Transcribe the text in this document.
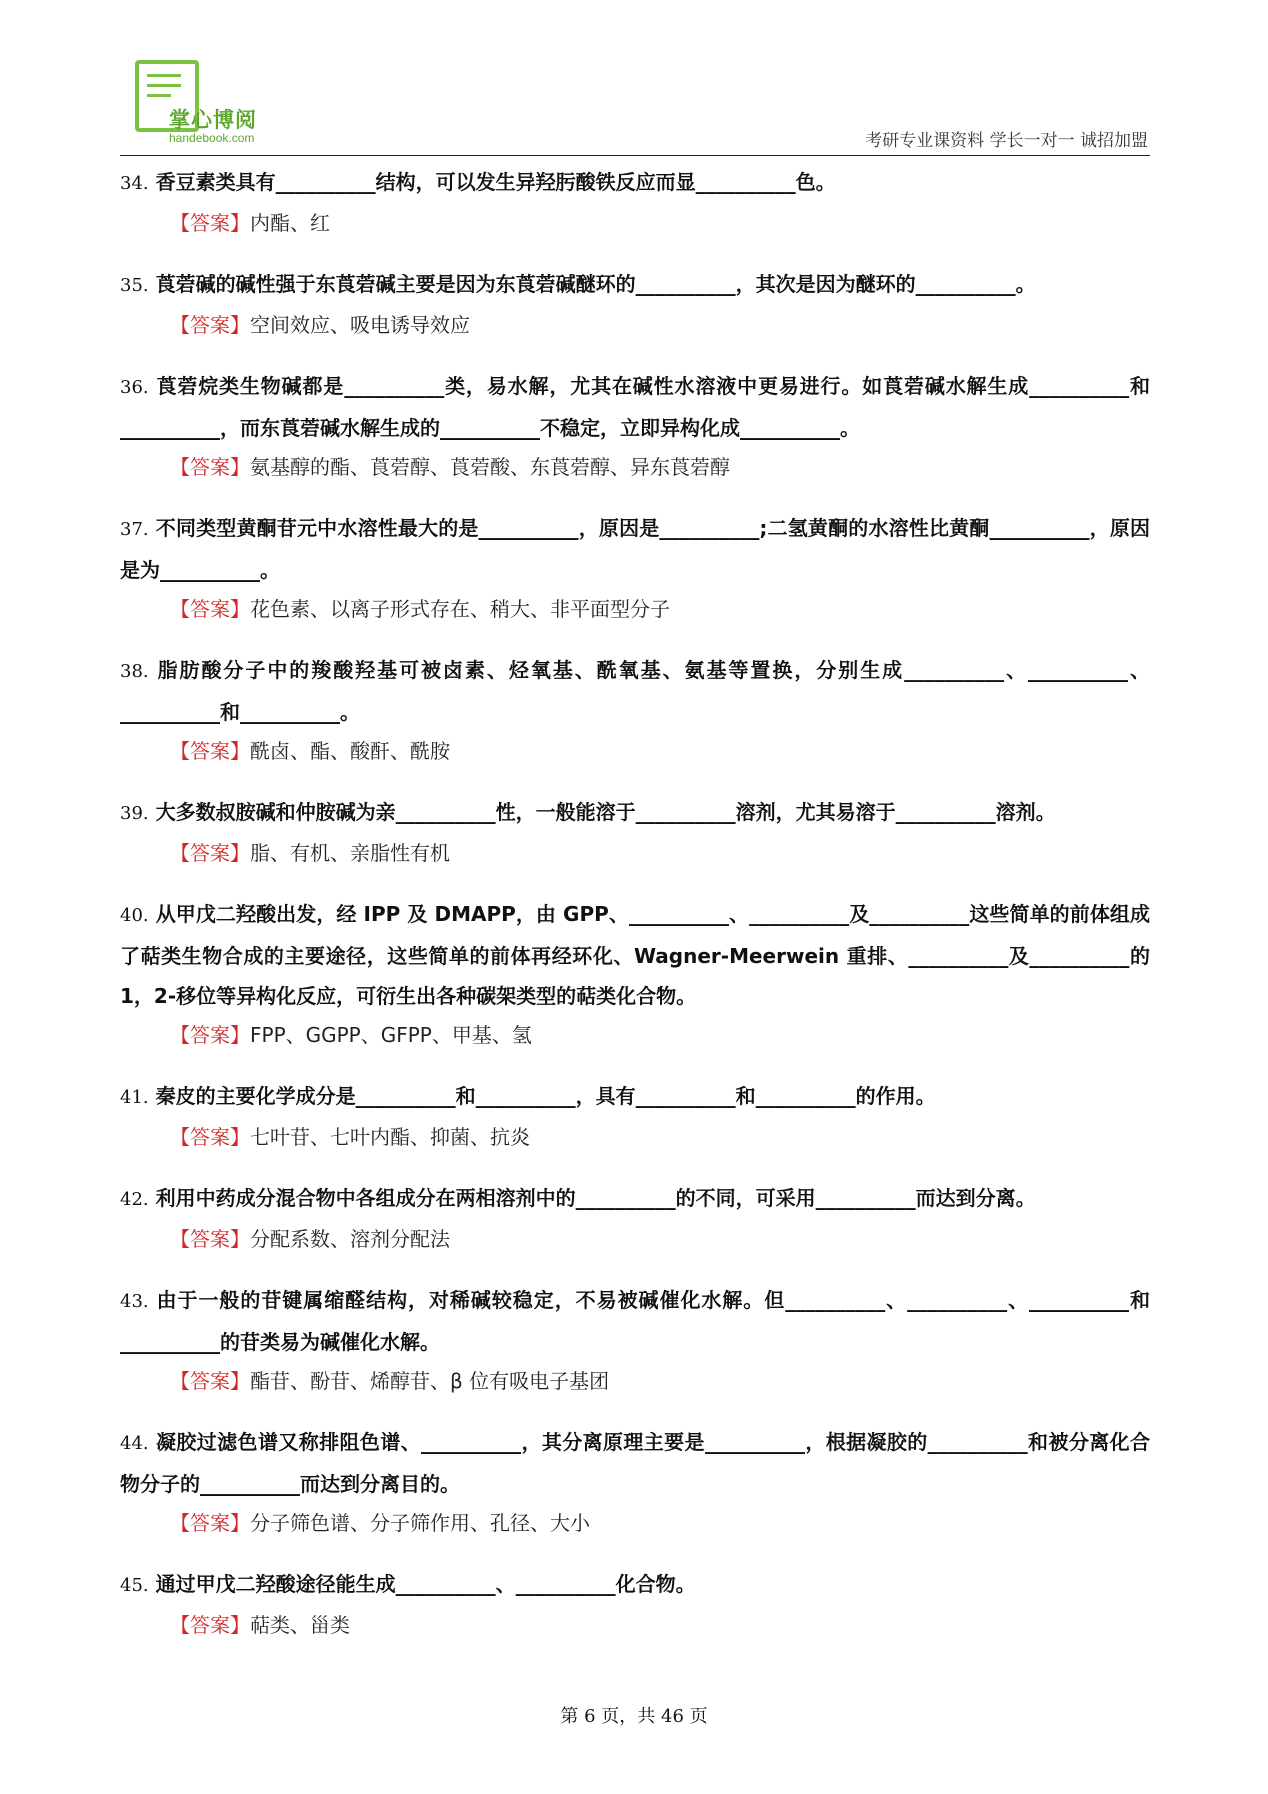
掌心博阅
handebook.com	考研专业课资料 学长一对一 诚招加盟

34. 香豆素类具有__________结构，可以发生异羟肟酸铁反应而显__________色。

【答案】内酯、红

35. 莨菪碱的碱性强于东莨菪碱主要是因为东莨菪碱醚环的__________，其次是因为醚环的__________。

【答案】空间效应、吸电诱导效应

36. 莨菪烷类生物碱都是__________类，易水解，尤其在碱性水溶液中更易进行。如莨菪碱水解生成__________和__________，而东莨菪碱水解生成的__________不稳定，立即异构化成__________。

【答案】氨基醇的酯、莨菪醇、莨菪酸、东莨菪醇、异东莨菪醇

37. 不同类型黄酮苷元中水溶性最大的是__________，原因是__________;二氢黄酮的水溶性比黄酮__________，原因是为__________。

【答案】花色素、以离子形式存在、稍大、非平面型分子

38. 脂肪酸分子中的羧酸羟基可被卤素、烃氧基、酰氧基、氨基等置换，分别生成__________、__________、__________和__________。

【答案】酰卤、酯、酸酐、酰胺

39. 大多数叔胺碱和仲胺碱为亲__________性，一般能溶于__________溶剂，尤其易溶于__________溶剂。

【答案】脂、有机、亲脂性有机

40. 从甲戊二羟酸出发，经 IPP 及 DMAPP，由 GPP、__________、__________及__________这些简单的前体组成了萜类生物合成的主要途径，这些简单的前体再经环化、Wagner-Meerwein 重排、__________及__________的 1，2-移位等异构化反应，可衍生出各种碳架类型的萜类化合物。

【答案】FPP、GGPP、GFPP、甲基、氢

41. 秦皮的主要化学成分是__________和__________，具有__________和__________的作用。

【答案】七叶苷、七叶内酯、抑菌、抗炎

42. 利用中药成分混合物中各组成分在两相溶剂中的__________的不同，可采用__________而达到分离。

【答案】分配系数、溶剂分配法

43. 由于一般的苷键属缩醛结构，对稀碱较稳定，不易被碱催化水解。但__________、__________、__________和__________的苷类易为碱催化水解。

【答案】酯苷、酚苷、烯醇苷、β 位有吸电子基团

44. 凝胶过滤色谱又称排阻色谱、__________，其分离原理主要是__________，根据凝胶的__________和被分离化合物分子的__________而达到分离目的。

【答案】分子筛色谱、分子筛作用、孔径、大小

45. 通过甲戊二羟酸途径能生成__________、__________化合物。

【答案】萜类、甾类

第 6 页，共 46 页
